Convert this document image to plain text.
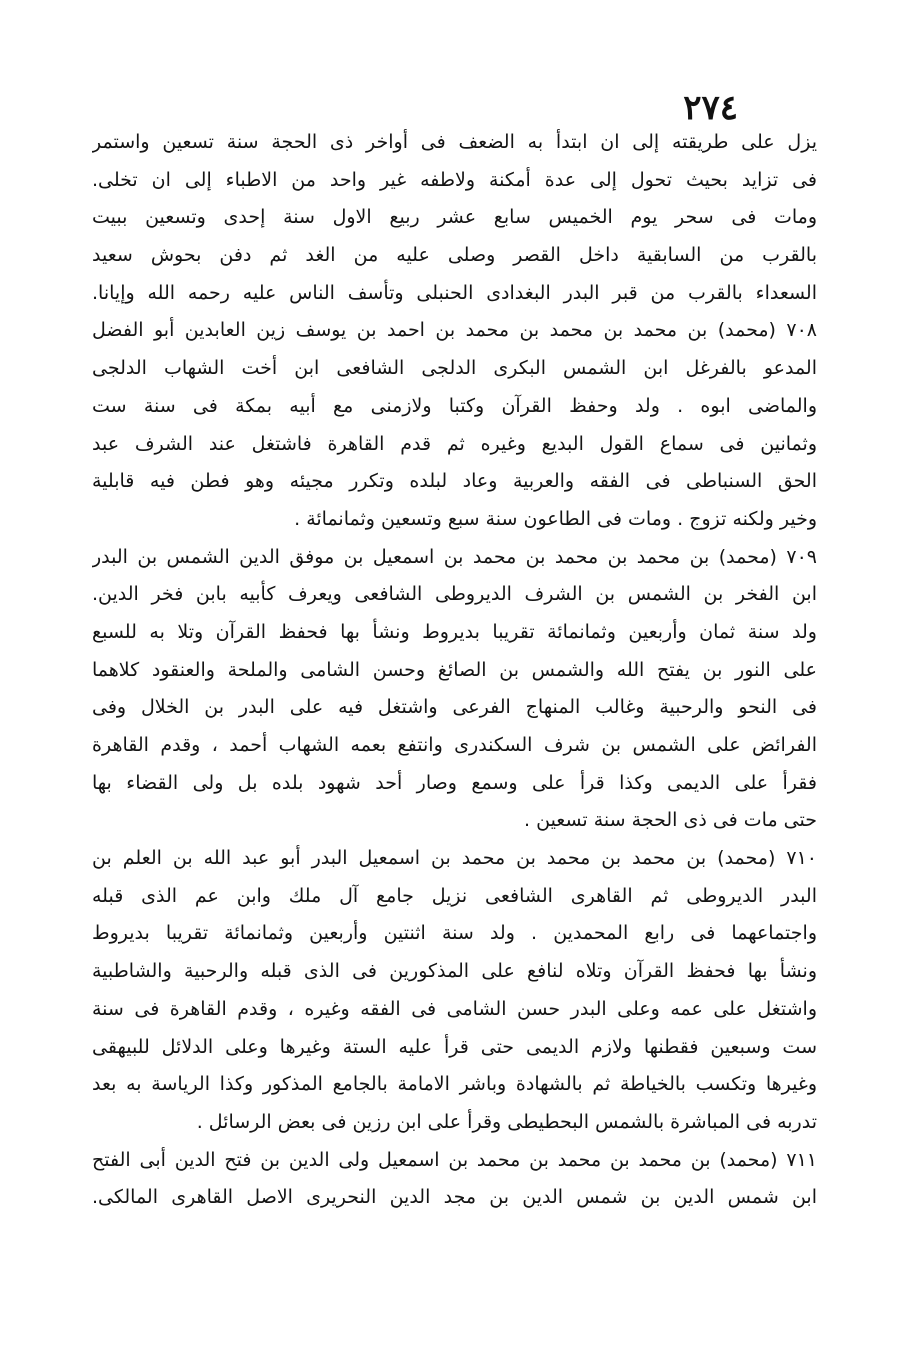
٢٧٤
يزل على طريقته إلى ان ابتدأ به الضعف فى أواخر ذى الحجة سنة تسعين واستمر
فى تزايد بحيث تحول إلى عدة أمكنة ولاطفه غير واحد من الاطباء إلى ان تخلى.
ومات فى سحر يوم الخميس سابع عشر ربيع الاول سنة إحدى وتسعين ببيت
بالقرب من السابقية داخل القصر وصلى عليه من الغد ثم دفن بحوش سعيد
السعداء بالقرب من قبر البدر البغدادى الحنبلى وتأسف الناس عليه رحمه الله وإيانا.
٧٠٨ (محمد) بن محمد بن محمد بن محمد بن احمد بن يوسف زين العابدين أبو الفضل
المدعو بالفرغل ابن الشمس البكرى الدلجى الشافعى ابن أخت الشهاب الدلجى
والماضى ابوه . ولد وحفظ القرآن وكتبا ولازمنى مع أبيه بمكة فى سنة ست
وثمانين فى سماع القول البديع وغيره ثم قدم القاهرة فاشتغل عند الشرف عبد
الحق السنباطى فى الفقه والعربية وعاد لبلده وتكرر مجيئه وهو فطن فيه قابلية
وخير ولكنه تزوج . ومات فى الطاعون سنة سبع وتسعين وثمانمائة .
٧٠٩ (محمد) بن محمد بن محمد بن محمد بن اسمعيل بن موفق الدين الشمس بن البدر
ابن الفخر بن الشمس بن الشرف الديروطى الشافعى ويعرف كأبيه بابن فخر الدين.
ولد سنة ثمان وأربعين وثمانمائة تقريبا بديروط ونشأ بها فحفظ القرآن وتلا به للسبع
على النور بن يفتح الله والشمس بن الصائغ وحسن الشامى والملحة والعنقود كلاهما
فى النحو والرحبية وغالب المنهاج الفرعى واشتغل فيه على البدر بن الخلال وفى
الفرائض على الشمس بن شرف السكندرى وانتفع بعمه الشهاب أحمد ، وقدم القاهرة
فقرأ على الديمى وكذا قرأ على وسمع وصار أحد شهود بلده بل ولى القضاء بها
حتى مات فى ذى الحجة سنة تسعين .
٧١٠ (محمد) بن محمد بن محمد بن محمد بن اسمعيل البدر أبو عبد الله بن العلم بن
البدر الديروطى ثم القاهرى الشافعى نزيل جامع آل ملك وابن عم الذى قبله
واجتماعهما فى رابع المحمدين . ولد سنة اثنتين وأربعين وثمانمائة تقريبا بديروط
ونشأ بها فحفظ القرآن وتلاه لنافع على المذكورين فى الذى قبله والرحبية والشاطبية
واشتغل على عمه وعلى البدر حسن الشامى فى الفقه وغيره ، وقدم القاهرة فى سنة
ست وسبعين فقطنها ولازم الديمى حتى قرأ عليه الستة وغيرها وعلى الدلائل للبيهقى
وغيرها وتكسب بالخياطة ثم بالشهادة وباشر الامامة بالجامع المذكور وكذا الرياسة به بعد
تدربه فى المباشرة بالشمس البحطيطى وقرأ على ابن رزين فى بعض الرسائل .
٧١١ (محمد) بن محمد بن محمد بن محمد بن اسمعيل ولى الدين بن فتح الدين أبى الفتح
ابن شمس الدين بن شمس الدين بن مجد الدين النحريرى الاصل القاهرى المالكى.
